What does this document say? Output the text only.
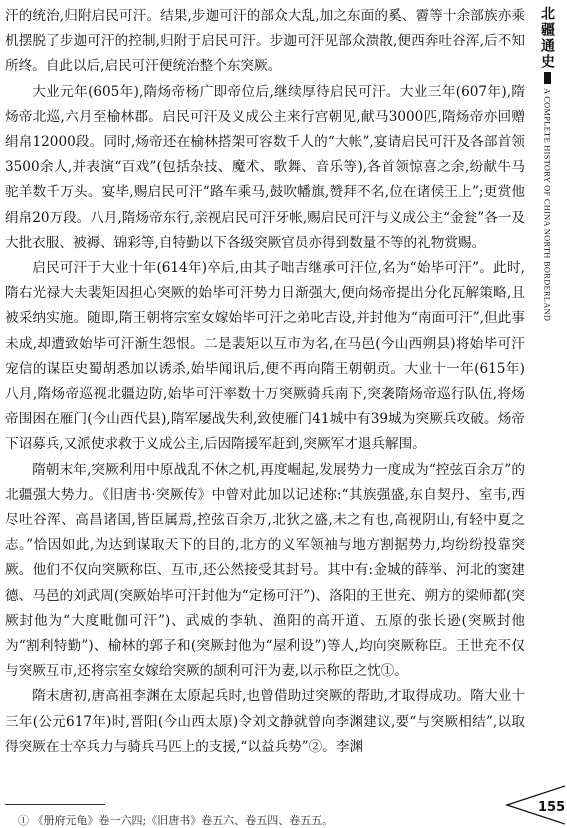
汗的统治,归附启民可汗。结果,步迦可汗的部众大乱,加之东面的奚、霫等十余部族亦乘机摆脱了步迦可汗的控制,归附于启民可汗。步迦可汗见部众溃散,便西奔吐谷浑,后不知所终。自此以后,启民可汗便统治整个东突厥。

大业元年(605年),隋炀帝杨广即帝位后,继续厚待启民可汗。大业三年(607年),隋炀帝北巡,六月至榆林郡。启民可汗及义成公主来行宫朝见,献马3000匹,隋炀帝亦回赠绢帛12000段。同时,炀帝还在榆林搭架可容数千人的“大帐”,宴请启民可汗及各部首领3500余人,并表演“百戏”(包括杂技、魔术、歌舞、音乐等),各首领惊喜之余,纷献牛马驼羊数千万头。宴毕,赐启民可汗“路车乘马,鼓吹幡旗,赞拜不名,位在诸侯王上”;更赏他绢帛20万段。八月,隋炀帝东行,亲视启民可汗牙帐,赐启民可汗与义成公主“金瓮”各一及大批衣服、被褥、锦彩等,自特勤以下各级突厥官员亦得到数量不等的礼物赏赐。

启民可汗于大业十年(614年)卒后,由其子咄吉继承可汗位,名为“始毕可汗”。此时,隋右光禄大夫裴矩因担心突厥的始毕可汗势力日渐强大,便向炀帝提出分化瓦解策略,且被采纳实施。随即,隋王朝将宗室女嫁始毕可汗之弟叱吉设,并封他为“南面可汗”,但此事未成,却遭致始毕可汗渐生怨恨。二是裴矩以互市为名,在马邑(今山西朔县)将始毕可汗宠信的谋臣史蜀胡悉加以诱杀,始毕闻讯后,便不再向隋王朝朝贡。大业十一年(615年)八月,隋炀帝巡视北疆边防,始毕可汗率数十万突厥骑兵南下,突袭隋炀帝巡行队伍,将炀帝围困在雁门(今山西代县),隋军屡战失利,致使雁门41城中有39城为突厥兵攻破。炀帝下诏募兵,又派使求救于义成公主,后因隋援军赶到,突厥军才退兵解围。

隋朝末年,突厥利用中原战乱不休之机,再度崛起,发展势力一度成为“控弦百余万”的北疆强大势力。《旧唐书·突厥传》中曾对此加以记述称:“其族强盛,东自契丹、室韦,西尽吐谷浑、高昌诸国,皆臣属焉,控弦百余万,北狄之盛,未之有也,高视阴山,有轻中夏之志。”恰因如此,为达到谋取天下的目的,北方的义军领袖与地方割据势力,均纷纷投靠突厥。他们不仅向突厥称臣、互市,还公然接受其封号。其中有:金城的薛举、河北的窦建德、马邑的刘武周(突厥始毕可汗封他为“定杨可汗”)、洛阳的王世充、朔方的梁师都(突厥封他为“大度毗伽可汗”)、武威的李轨、渔阳的高开道、五原的张长逊(突厥封他为“割利特勤”)、榆林的郭子和(突厥封他为“屋利设”)等人,均向突厥称臣。王世充不仅与突厥互市,还将宗室女嫁给突厥的颉利可汗为妻,以示称臣之忱①。

隋末唐初,唐高祖李渊在太原起兵时,也曾借助过突厥的帮助,才取得成功。隋大业十三年(公元617年)时,晋阳(今山西太原)令刘文静就曾向李渊建议,要“与突厥相结”,以取得突厥在士卒兵力与骑兵马匹上的支援,“以益兵势”②。李渊

北疆通史
A COMPLETE HISTORY OF CHINA NORTH BORDERLAND
① 《册府元龟》卷一六四;《旧唐书》卷五六、卷五四、卷五五。
155
